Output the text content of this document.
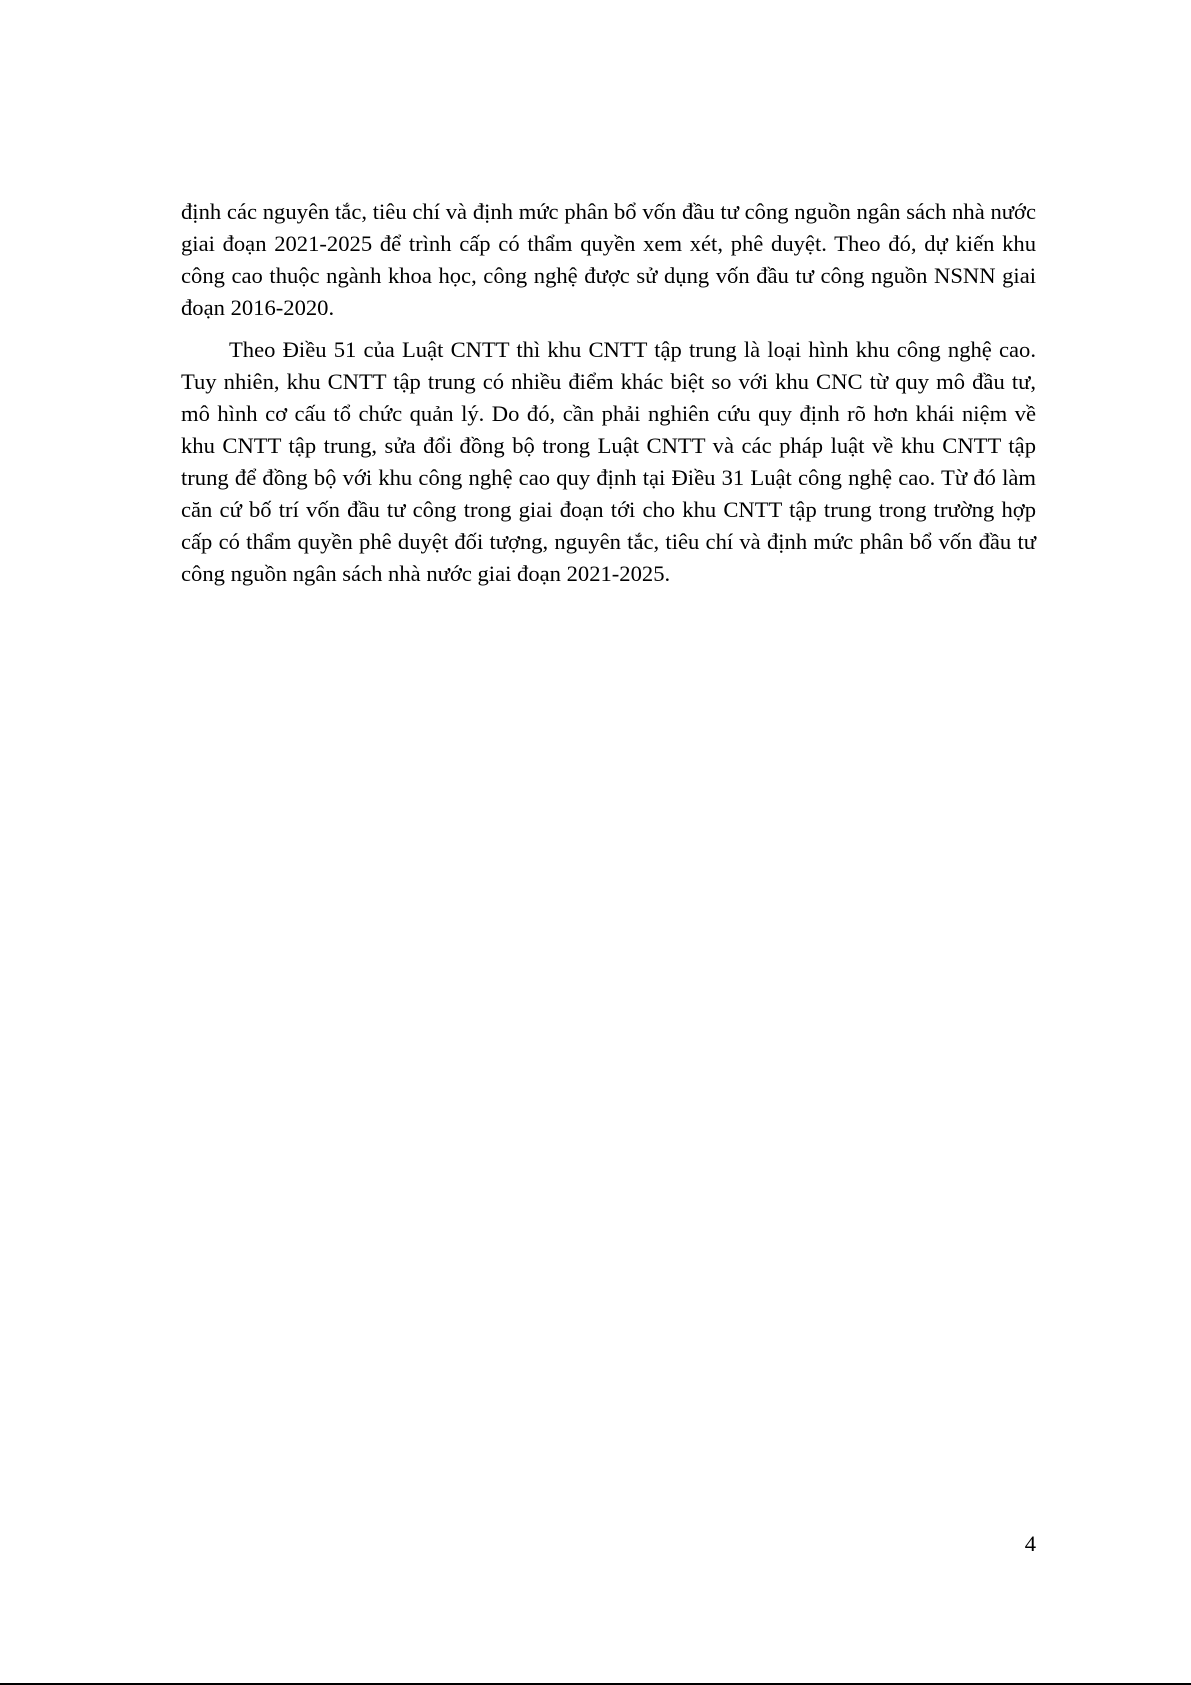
định các nguyên tắc, tiêu chí và định mức phân bổ vốn đầu tư công nguồn ngân sách nhà nước giai đoạn 2021-2025 để trình cấp có thẩm quyền xem xét, phê duyệt. Theo đó, dự kiến khu công cao thuộc ngành khoa học, công nghệ được sử dụng vốn đầu tư công nguồn NSNN giai đoạn 2016-2020.

Theo Điều 51 của Luật CNTT thì khu CNTT tập trung là loại hình khu công nghệ cao. Tuy nhiên, khu CNTT tập trung có nhiều điểm khác biệt so với khu CNC từ quy mô đầu tư, mô hình cơ cấu tổ chức quản lý. Do đó, cần phải nghiên cứu quy định rõ hơn khái niệm về khu CNTT tập trung, sửa đổi đồng bộ trong Luật CNTT và các pháp luật về khu CNTT tập trung để đồng bộ với khu công nghệ cao quy định tại Điều 31 Luật công nghệ cao. Từ đó làm căn cứ bố trí vốn đầu tư công trong giai đoạn tới cho khu CNTT tập trung trong trường hợp cấp có thẩm quyền phê duyệt đối tượng, nguyên tắc, tiêu chí và định mức phân bổ vốn đầu tư công nguồn ngân sách nhà nước giai đoạn 2021-2025.

4
